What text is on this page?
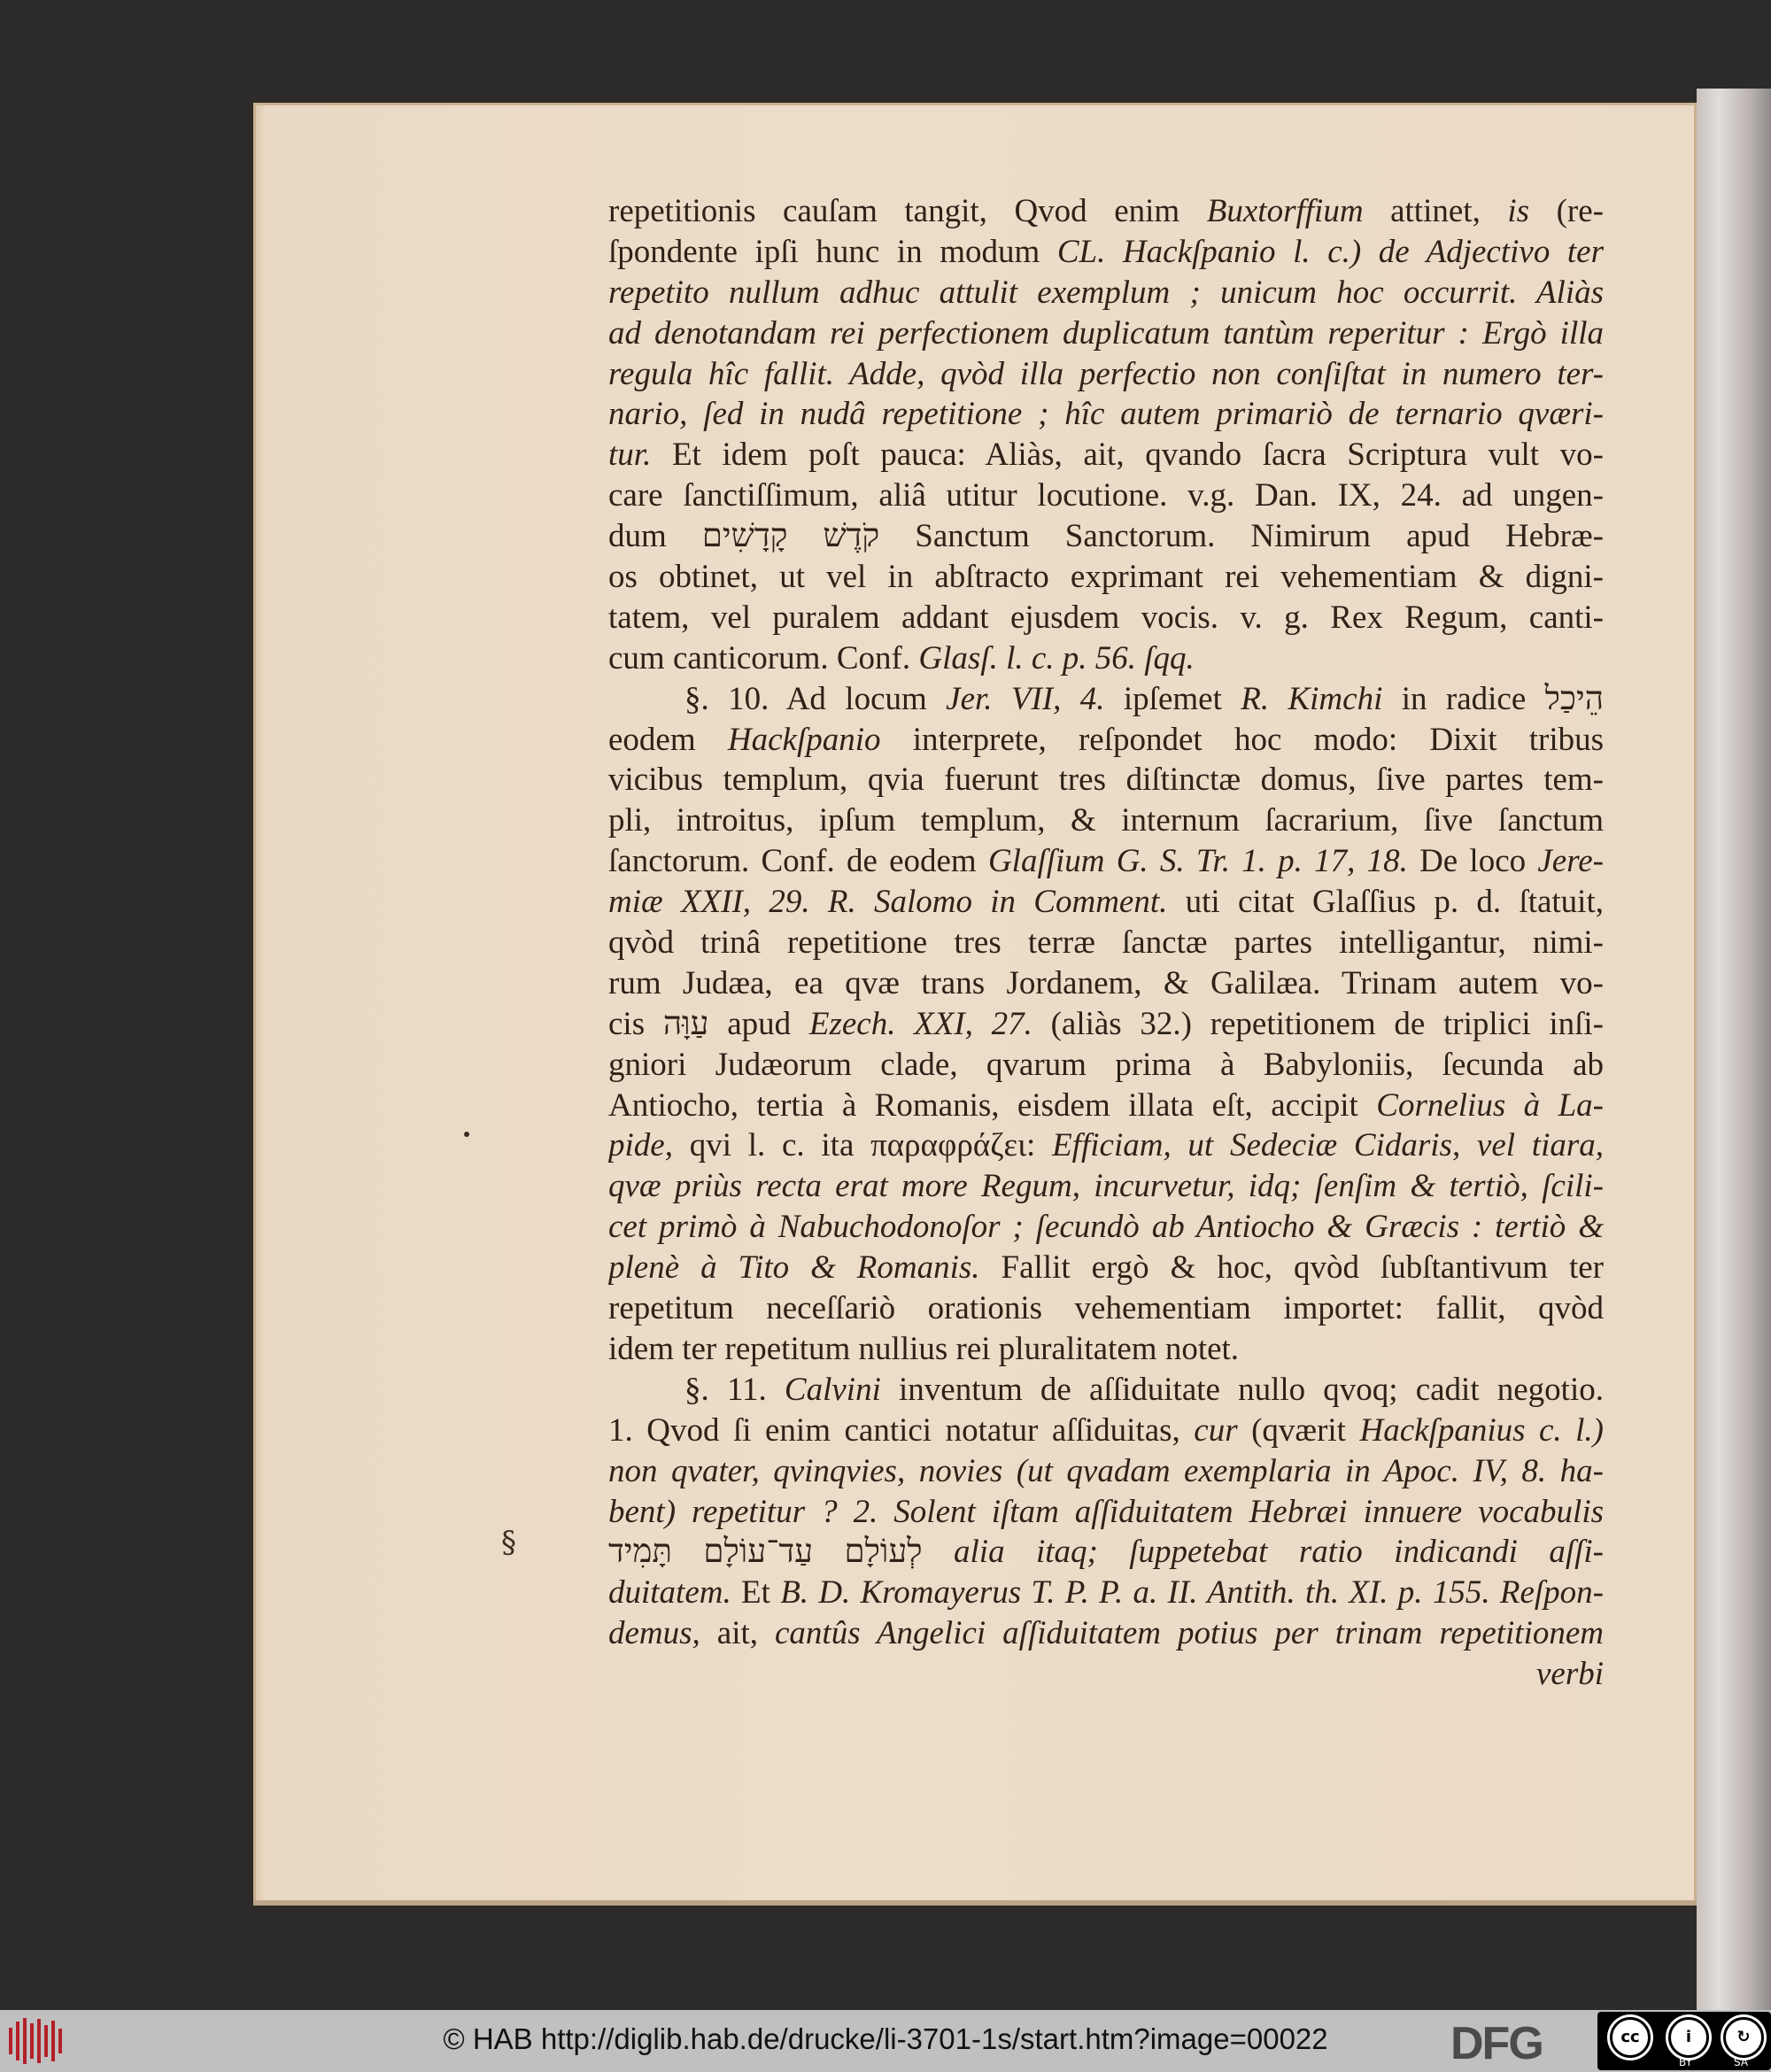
repetitionis cauſam tangit, Qvod enim Buxtorffium attinet, is (re-
ſpondente ipſi hunc in modum CL. Hackſpanio l. c.) de Adjectivo ter
repetito nullum adhuc attulit exemplum ; unicum hoc occurrit. Aliàs
ad denotandam rei perfectionem duplicatum tantùm reperitur : Ergò illa
regula hîc fallit. Adde, qvòd illa perfectio non conſiſtat in numero ter-
nario, ſed in nudâ repetitione ; hîc autem primariò de ternario qværi-
tur. Et idem poſt pauca: Aliàs, ait, qvando ſacra Scriptura vult vo-
care ſanctiſſimum, aliâ utitur locutione. v.g. Dan. IX, 24. ad ungen-
dum קֹדֶשׁ קָדָשִׁים Sanctum Sanctorum. Nimirum apud Hebræ-
os obtinet, ut vel in abſtracto exprimant rei vehementiam & digni-
tatem, vel puralem addant ejusdem vocis. v. g. Rex Regum, canti-
cum canticorum. Conf. Glasſ. l. c. p. 56. ſqq.
§. 10. Ad locum Jer. VII, 4. ipſemet R. Kimchi in radice הֵיכַל
eodem Hackſpanio interprete, reſpondet hoc modo: Dixit tribus
vicibus templum, qvia fuerunt tres diſtinctæ domus, ſive partes tem-
pli, introitus, ipſum templum, & internum ſacrarium, ſive ſanctum
ſanctorum. Conf. de eodem Glaſſium G. S. Tr. 1. p. 17, 18. De loco Jere-
miæ XXII, 29. R. Salomo in Comment. uti citat Glaſſius p. d. ſtatuit,
qvòd trinâ repetitione tres terræ ſanctæ partes intelligantur, nimi-
rum Judæa, ea qvæ trans Jordanem, & Galilæa. Trinam autem vo-
cis עַוָּה apud Ezech. XXI, 27. (aliàs 32.) repetitionem de triplici inſi-
gniori Judæorum clade, qvarum prima à Babyloniis, ſecunda ab
Antiocho, tertia à Romanis, eisdem illata eſt, accipit Cornelius à La-
pide, qvi l. c. ita παραφράζει: Efficiam, ut Sedeciæ Cidaris, vel tiara,
qvæ priùs recta erat more Regum, incurvetur, idq; ſenſim & tertiò, ſcili-
cet primò à Nabuchodonoſor ; ſecundò ab Antiocho & Græcis : tertiò &
plenè à Tito & Romanis. Fallit ergò & hoc, qvòd ſubſtantivum ter
repetitum neceſſariò orationis vehementiam importet: fallit, qvòd
idem ter repetitum nullius rei pluralitatem notet.
§. 11. Calvini inventum de aſſiduitate nullo qvoq; cadit negotio.
1. Qvod ſi enim cantici notatur aſſiduitas, cur (qværit Hackſpanius c. l.)
non qvater, qvinqvies, novies (ut qvadam exemplaria in Apoc. IV, 8. ha-
bent) repetitur ? 2. Solent iſtam aſſiduitatem Hebræi innuere vocabulis
לְעוֹלָם עַד־עוֹלָם תָּמִיד alia itaq; ſuppetebat ratio indicandi aſſi-
duitatem. Et B. D. Kromayerus T. P. P. a. II. Antith. th. XI. p. 155. Reſpon-
demus, ait, cantûs Angelici aſſiduitatem potius per trinam repetitionem
verbi
§
© HAB http://diglib.hab.de/drucke/li-3701-1s/start.htm?image=00022	DFG	cc	i	↻
BY	SA
